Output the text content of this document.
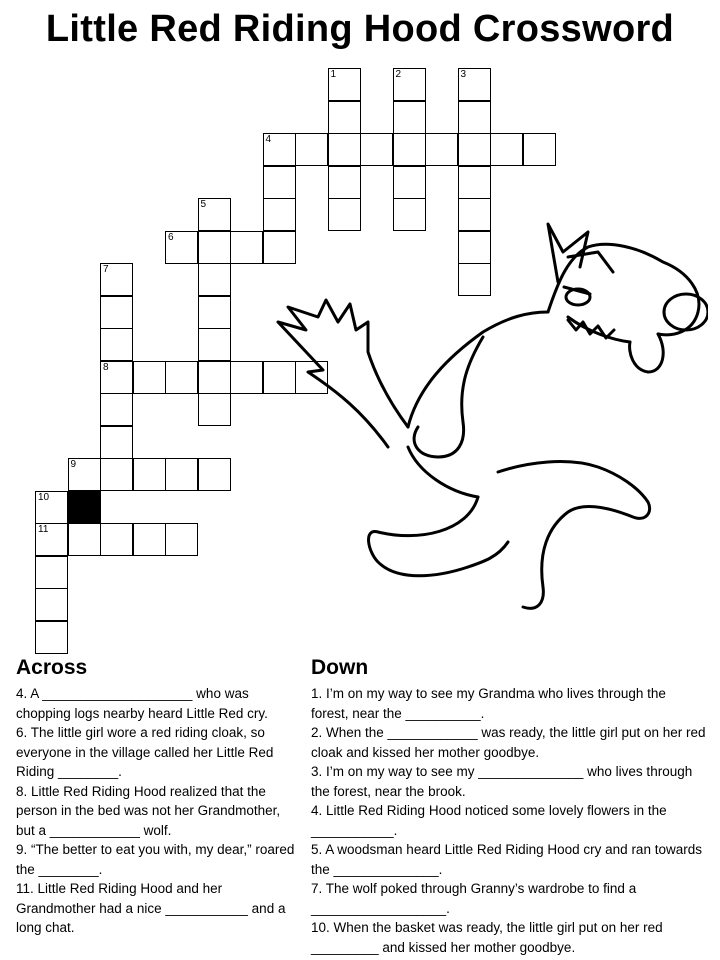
Little Red Riding Hood Crossword
1	2	3
4
5
6
7
8
9
10
11
Across
4. A ____________________ who was chopping logs nearby heard Little Red cry.
6. The little girl wore a red riding cloak, so everyone in the village called her Little Red Riding ________.
8. Little Red Riding Hood realized that the person in the bed was not her Grandmother, but a ____________ wolf.
9. “The better to eat you with, my dear,” roared the ________.
11. Little Red Riding Hood and her Grandmother had a nice ___________ and a long chat.
Down
1. I’m on my way to see my Grandma who lives through the forest, near the __________.
2. When the ____________ was ready, the little girl put on her red cloak and kissed her mother goodbye.
3. I’m on my way to see my ______________ who lives through the forest, near the brook.
4. Little Red Riding Hood noticed some lovely flowers in the ___________.
5. A woodsman heard Little Red Riding Hood cry and ran towards the ______________.
7. The wolf poked through Granny’s wardrobe to find a __________________.
10. When the basket was ready, the little girl put on her red _________ and kissed her mother goodbye.
